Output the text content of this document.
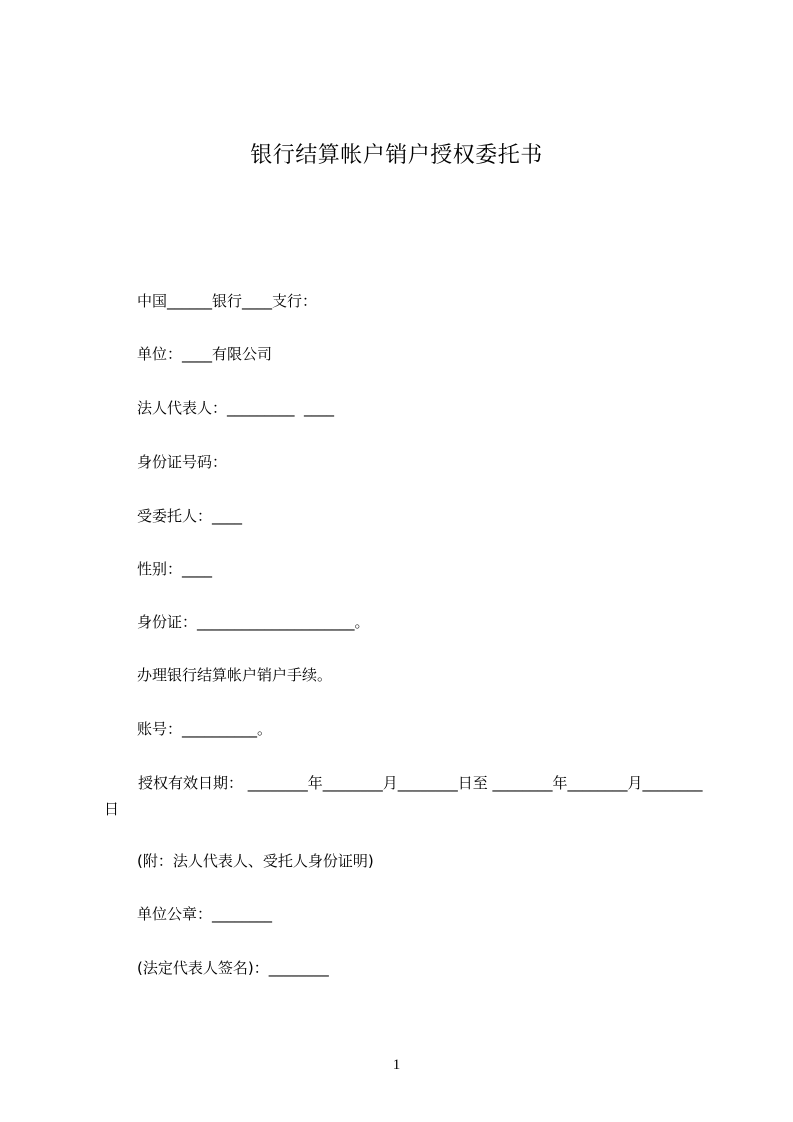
银行结算帐户销户授权委托书
中国______银行____支行：
单位：____有限公司
法人代表人：_________  ____
身份证号码：
受委托人：____
性别：____
身份证：_____________________。
办理银行结算帐户销户手续。
账号：__________。
授权有效日期： ________年________月________日至 ________年________月________日
(附：法人代表人、受托人身份证明)
单位公章：________
(法定代表人签名)：________
1
